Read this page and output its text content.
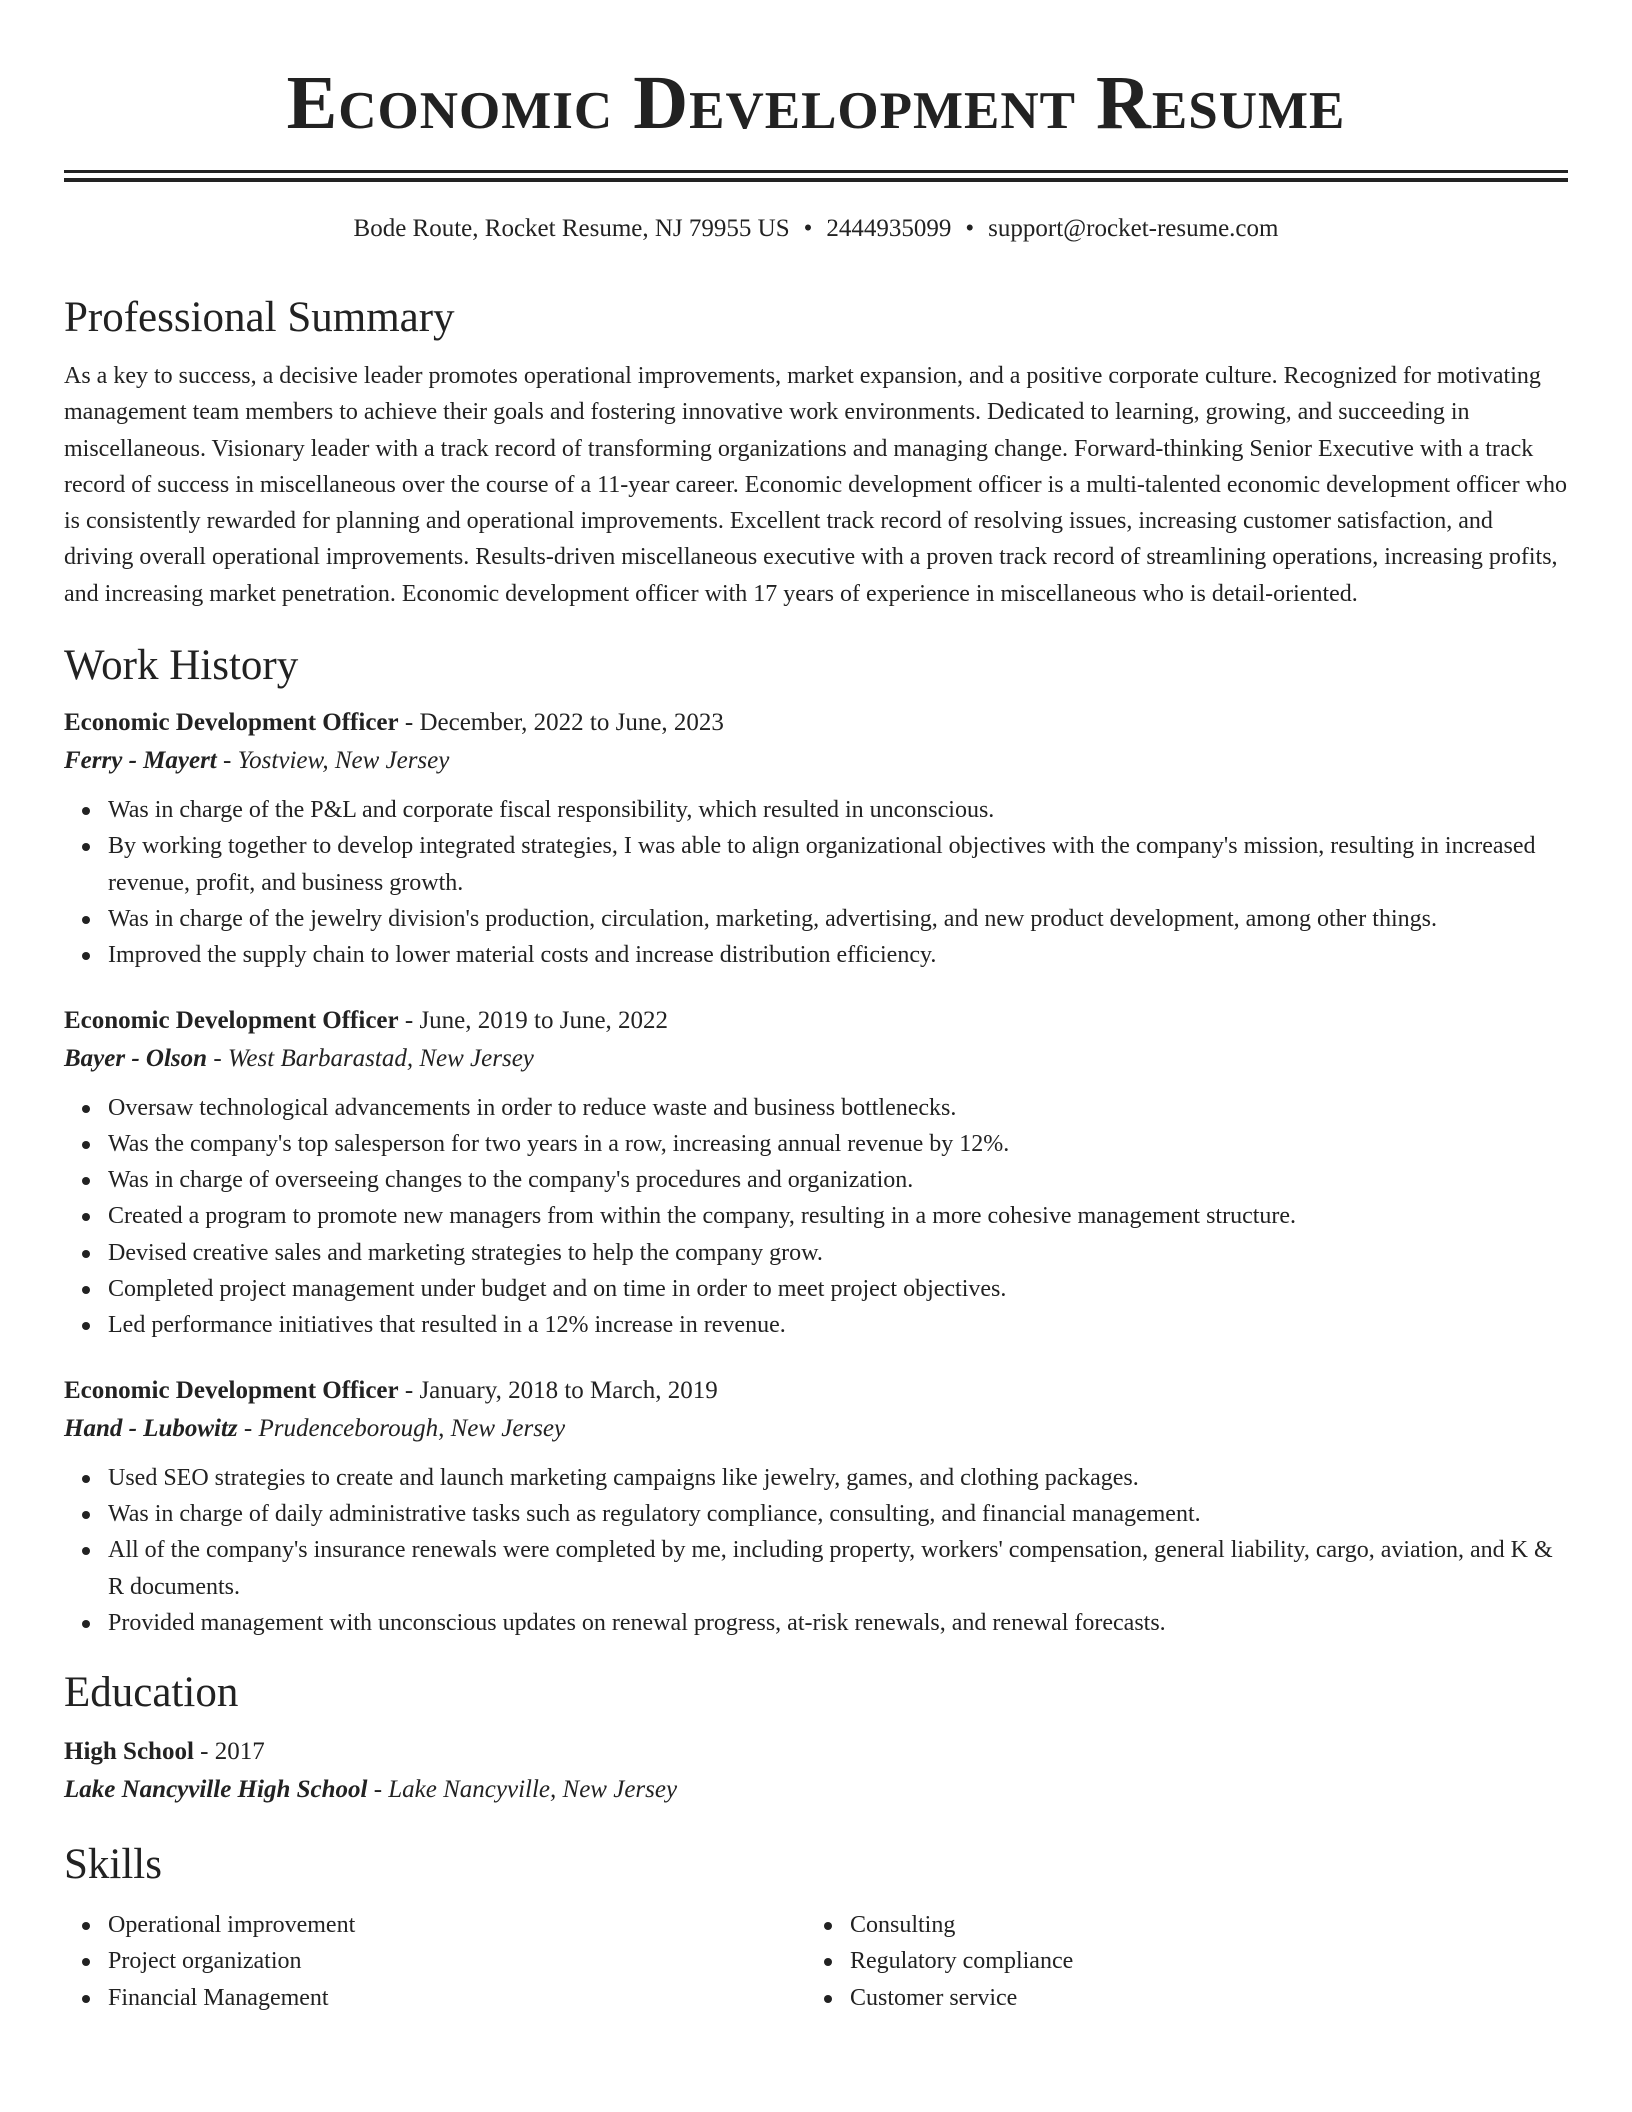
Economic Development Resume
Bode Route, Rocket Resume, NJ 79955 US • 2444935099 • support@rocket-resume.com
Professional Summary

As a key to success, a decisive leader promotes operational improvements, market expansion, and a positive corporate culture. Recognized for motivating management team members to achieve their goals and fostering innovative work environments. Dedicated to learning, growing, and succeeding in miscellaneous. Visionary leader with a track record of transforming organizations and managing change. Forward-thinking Senior Executive with a track record of success in miscellaneous over the course of a 11-year career. Economic development officer is a multi-talented economic development officer who is consistently rewarded for planning and operational improvements. Excellent track record of resolving issues, increasing customer satisfaction, and driving overall operational improvements. Results-driven miscellaneous executive with a proven track record of streamlining operations, increasing profits, and increasing market penetration. Economic development officer with 17 years of experience in miscellaneous who is detail-oriented.

Work History
Economic Development Officer - December, 2022 to June, 2023
Ferry - Mayert - Yostview, New Jersey
Was in charge of the P&L and corporate fiscal responsibility, which resulted in unconscious.
By working together to develop integrated strategies, I was able to align organizational objectives with the company's mission, resulting in increased revenue, profit, and business growth.
Was in charge of the jewelry division's production, circulation, marketing, advertising, and new product development, among other things.
Improved the supply chain to lower material costs and increase distribution efficiency.
Economic Development Officer - June, 2019 to June, 2022
Bayer - Olson - West Barbarastad, New Jersey
Oversaw technological advancements in order to reduce waste and business bottlenecks.
Was the company's top salesperson for two years in a row, increasing annual revenue by 12%.
Was in charge of overseeing changes to the company's procedures and organization.
Created a program to promote new managers from within the company, resulting in a more cohesive management structure.
Devised creative sales and marketing strategies to help the company grow.
Completed project management under budget and on time in order to meet project objectives.
Led performance initiatives that resulted in a 12% increase in revenue.
Economic Development Officer - January, 2018 to March, 2019
Hand - Lubowitz - Prudenceborough, New Jersey
Used SEO strategies to create and launch marketing campaigns like jewelry, games, and clothing packages.
Was in charge of daily administrative tasks such as regulatory compliance, consulting, and financial management.
All of the company's insurance renewals were completed by me, including property, workers' compensation, general liability, cargo, aviation, and K & R documents.
Provided management with unconscious updates on renewal progress, at-risk renewals, and renewal forecasts.
Education
High School - 2017
Lake Nancyville High School - Lake Nancyville, New Jersey
Skills
Operational improvement
Project organization
Financial Management
Consulting
Regulatory compliance
Customer service
